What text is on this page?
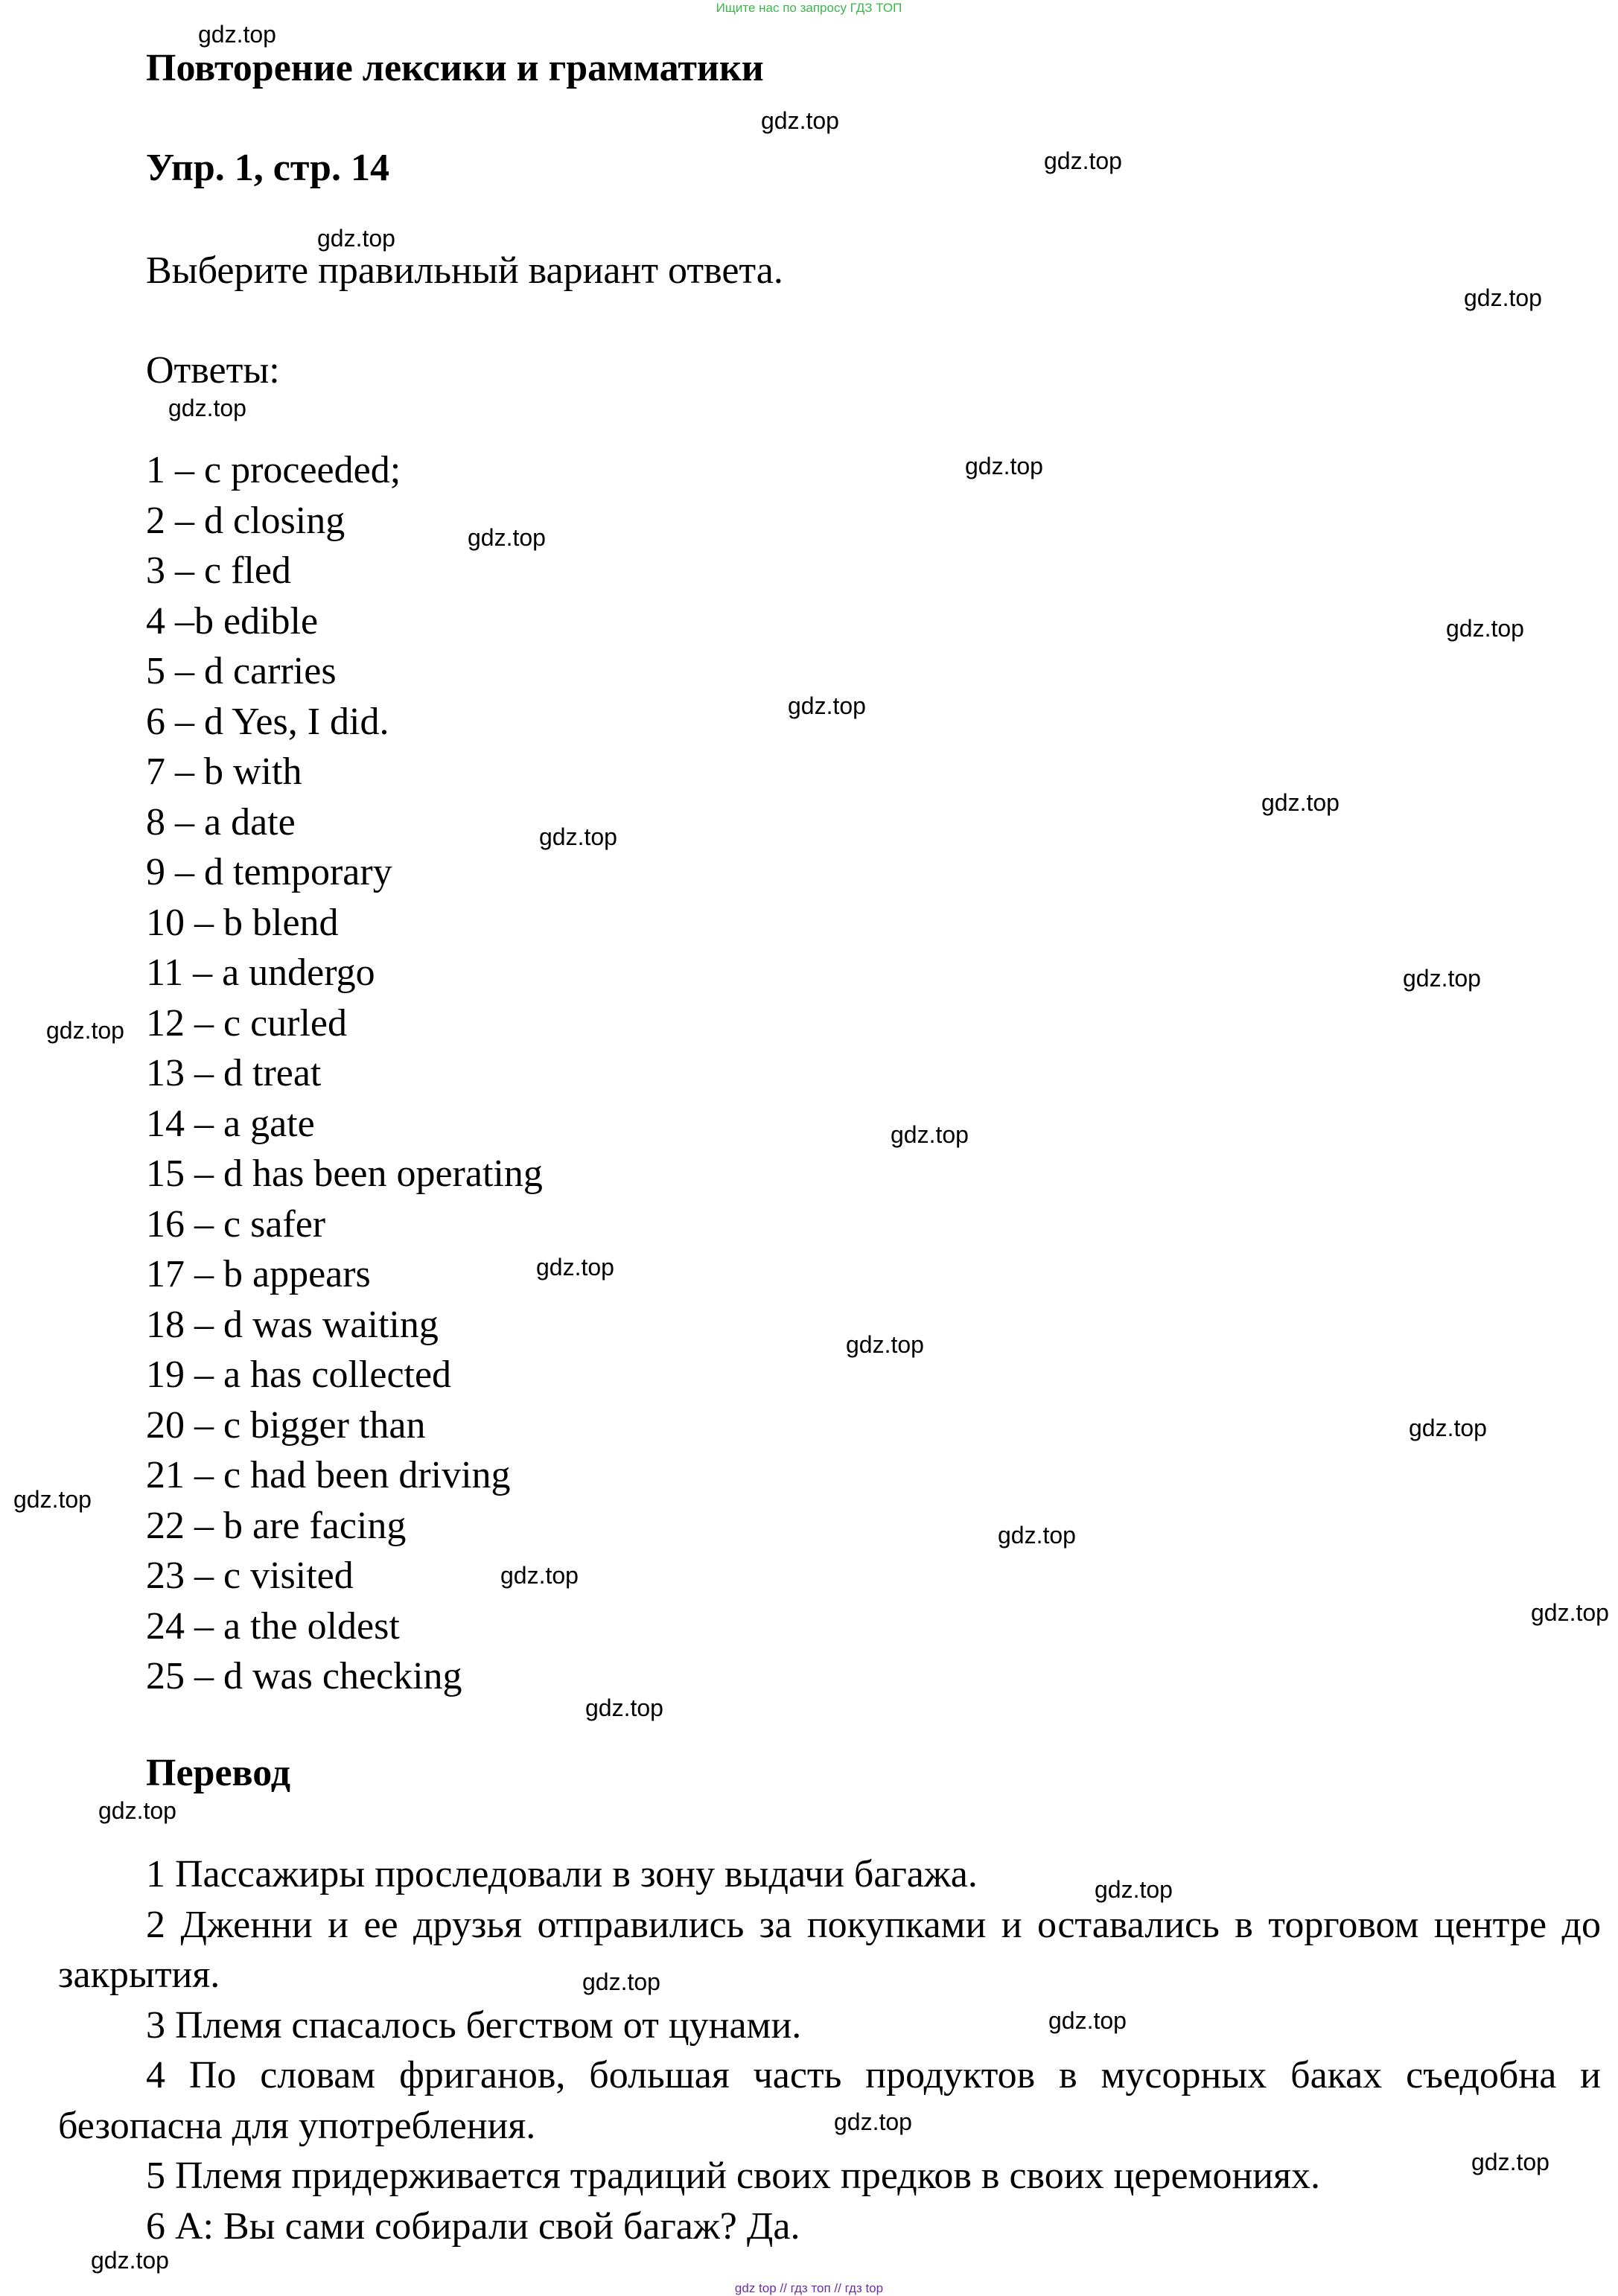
Ищите нас по запросу ГДЗ ТОП
Повторение лексики и грамматики
Упр. 1, стр. 14
Выберите правильный вариант ответа.
Ответы:
1 – c proceeded;
2 – d closing
3 – c fled
4 –b edible
5 – d carries
6 – d Yes, I did.
7 – b with
8 – a date
9 – d temporary
10 – b blend
11 – a undergo
12 – c curled
13 – d treat
14 – a gate
15 – d has been operating
16 – c safer
17 – b appears
18 – d was waiting
19 – a has collected
20 – c bigger than
21 – c had been driving
22 – b are facing
23 – c visited
24 – a the oldest
25 – d was checking
Перевод

1 Пассажиры проследовали в зону выдачи багажа.

2 Дженни и ее друзья отправились за покупками и оставались в торговом центре до закрытия.

3 Племя спасалось бегством от цунами.

4 По словам фриганов, большая часть продуктов в мусорных баках съедобна и безопасна для употребления.

5 Племя придерживается традиций своих предков в своих церемониях.

6 А: Вы сами собирали свой багаж? Да.

gdz.top
gdz.top
gdz.top
gdz.top
gdz.top
gdz.top
gdz.top
gdz.top
gdz.top
gdz.top
gdz.top
gdz.top
gdz.top
gdz.top
gdz.top
gdz.top
gdz.top
gdz.top
gdz.top
gdz.top
gdz.top
gdz.top
gdz.top
gdz.top
gdz.top
gdz.top
gdz.top
gdz.top
gdz.top
gdz.top
gdz top // гдз топ // гдз top
